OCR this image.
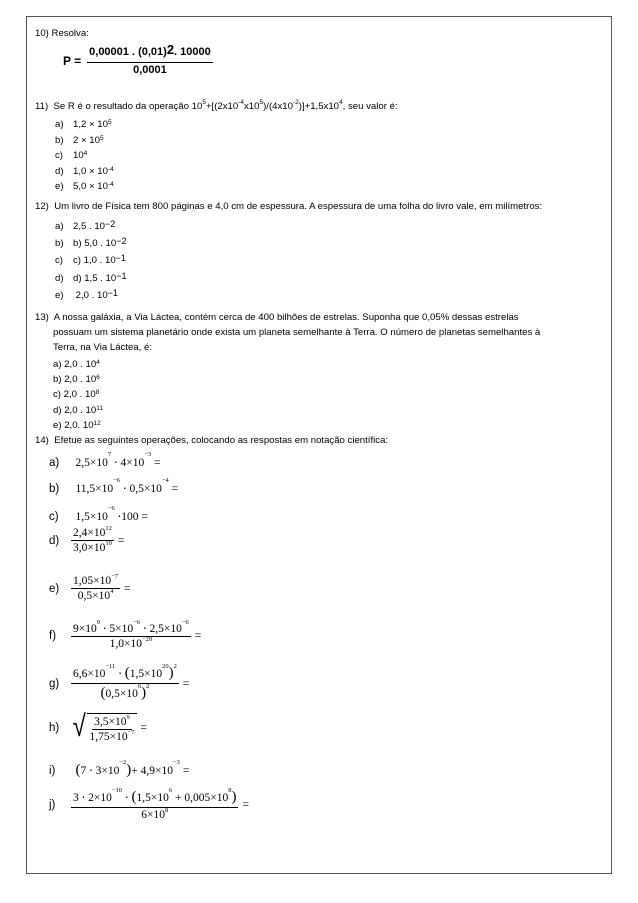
10) Resolva:
$P = \frac{0,00001 . (0,01)2. 10000}{0,0001}$
11) Se R é o resultado da operação $10^5+[(2x10^{-4}x10^5)/(4x10^{-2})]+1,5x10^4$, seu valor é:
a) $1,2 \times 10^5$
b) $2 \times 10^5$
c) $10^4$
d) $1,0 \times 10^{-4}$
e) $5,0 \times 10^{-4}$
12) Um livro de Física tem 800 páginas e 4,0 cm de espessura. A espessura de uma folha do livro vale, em milímetros:
a) 2,5 . $10^{-2}$
b) b) 5,0 . $10^{-2}$
c) c) 1,0 . $10^{-1}$
d) d) 1,5 . $10^{-1}$
e) 2,0 . $10^{-1}$
13) A nossa galáxia, a Via Láctea, contém cerca de 400 bilhões de estrelas. Suponha que 0,05% dessas estrelas
possuam um sistema planetário onde exista um planeta semelhante à Terra. O número de planetas semelhantes à
Terra, na Via Láctea, é:
a) 2,0 . $10^4$
b) 2,0 . $10^6$
c) 2,0 . $10^8$
d) 2,0 . $10^{11}$
e) 2,0. $10^{12}$
14) Efetue as seguintes operações, colocando as respostas em notação científica:
a) $2,5\times 10^7 \cdot 4\times 10^{-3}$ =
b) $11,5\times 10^{-6} \cdot 0,5\times 10^{-4}$ =
c) $1,5\times 10^{-6} \cdot 100$ =
d)	$\frac{2,4\times 10^{12}}{3,0\times 10^{10}}$ =
e)	$\frac{1,05\times 10^{-7}}{0,5\times 10^4}$ =
f)	$\frac{9\times 10^9 \cdot 5\times 10^{-6} \cdot 2,5\times 10^{-6}}{1,0\times 10^{-20}}$ =
g)	$\frac{6,6\times 10^{-11} \cdot (1,5\times 10^{20})^2}{(0,5\times 10^6)^2}$ =
h) √ $\frac{3,5\times 10^9}{1,75\times 10^{-7}}$ =
i) $(7 \cdot 3\times 10^{-2})+ 4,9\times 10^{-3}$ =
j)	$\frac{3 \cdot 2\times 10^{-10} \cdot (1,5\times 10^6 + 0,005\times 10^8)}{6\times 10^8}$ =
